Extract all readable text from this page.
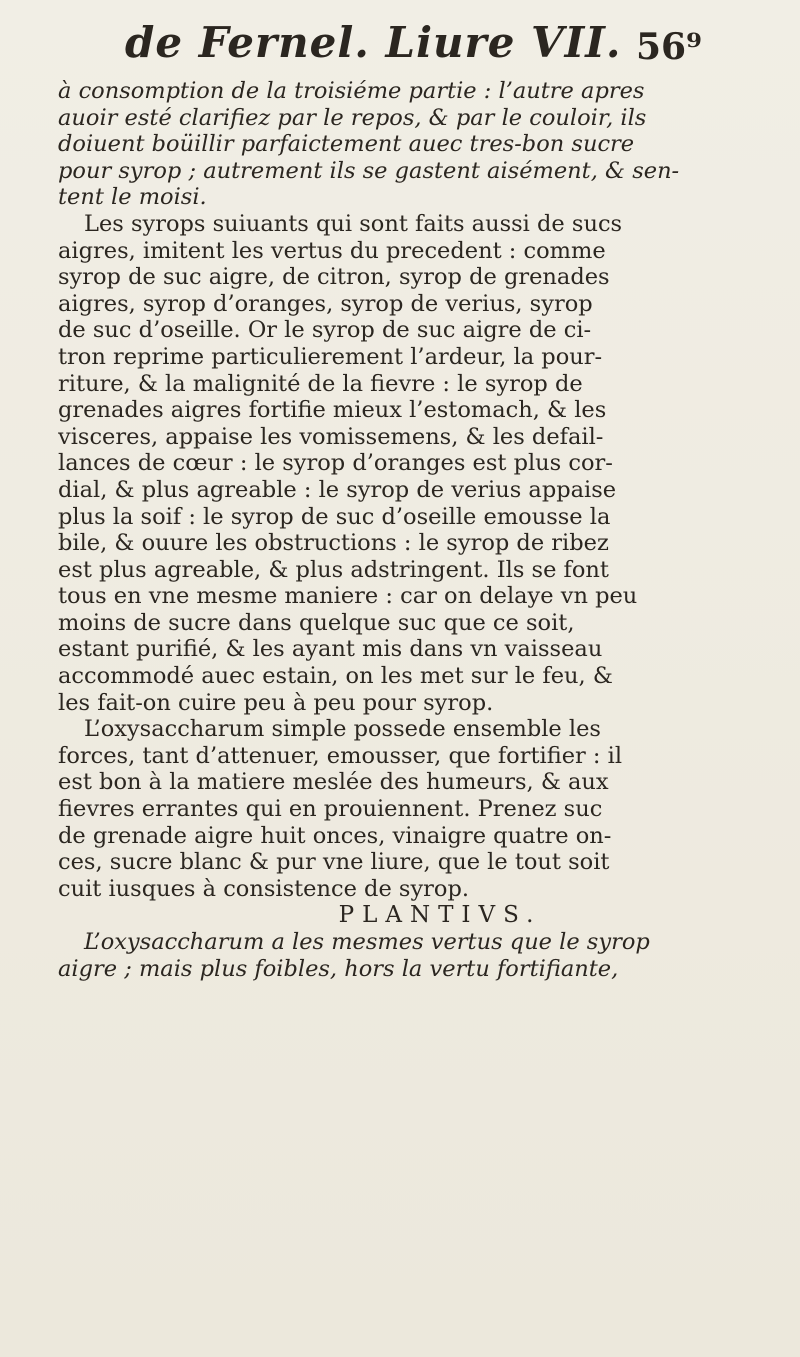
de Fernel. Liure VII. 56⁹
à consomption de la troisiéme partie : l’autre apres
auoir esté clarifiez par le repos, & par le couloir, ils
doiuent boüillir parfaictement auec tres-bon sucre
pour syrop ; autrement ils se gastent aisément, & sen-
tent le moisi.
Les syrops suiuants qui sont faits aussi de sucs
aigres, imitent les vertus du precedent : comme
syrop de suc aigre, de citron, syrop de grenades
aigres, syrop d’oranges, syrop de verius, syrop
de suc d’oseille. Or le syrop de suc aigre de ci-
tron reprime particulierement l’ardeur, la pour-
riture, & la malignité de la fievre : le syrop de
grenades aigres fortifie mieux l’estomach, & les
visceres, appaise les vomissemens, & les defail-
lances de cœur : le syrop d’oranges est plus cor-
dial, & plus agreable : le syrop de verius appaise
plus la soif : le syrop de suc d’oseille emousse la
bile, & ouure les obstructions : le syrop de ribez
est plus agreable, & plus adstringent. Ils se font
tous en vne mesme maniere : car on delaye vn peu
moins de sucre dans quelque suc que ce soit,
estant purifié, & les ayant mis dans vn vaisseau
accommodé auec estain, on les met sur le feu, &
les fait-on cuire peu à peu pour syrop.
L’oxysaccharum simple possede ensemble les
forces, tant d’attenuer, emousser, que fortifier : il
est bon à la matiere meslée des humeurs, & aux
fievres errantes qui en prouiennent. Prenez suc
de grenade aigre huit onces, vinaigre quatre on-
ces, sucre blanc & pur vne liure, que le tout soit
cuit iusques à consistence de syrop.
PLANTIVS.
L’oxysaccharum a les mesmes vertus que le syrop
aigre ; mais plus foibles, hors la vertu fortifiante,
